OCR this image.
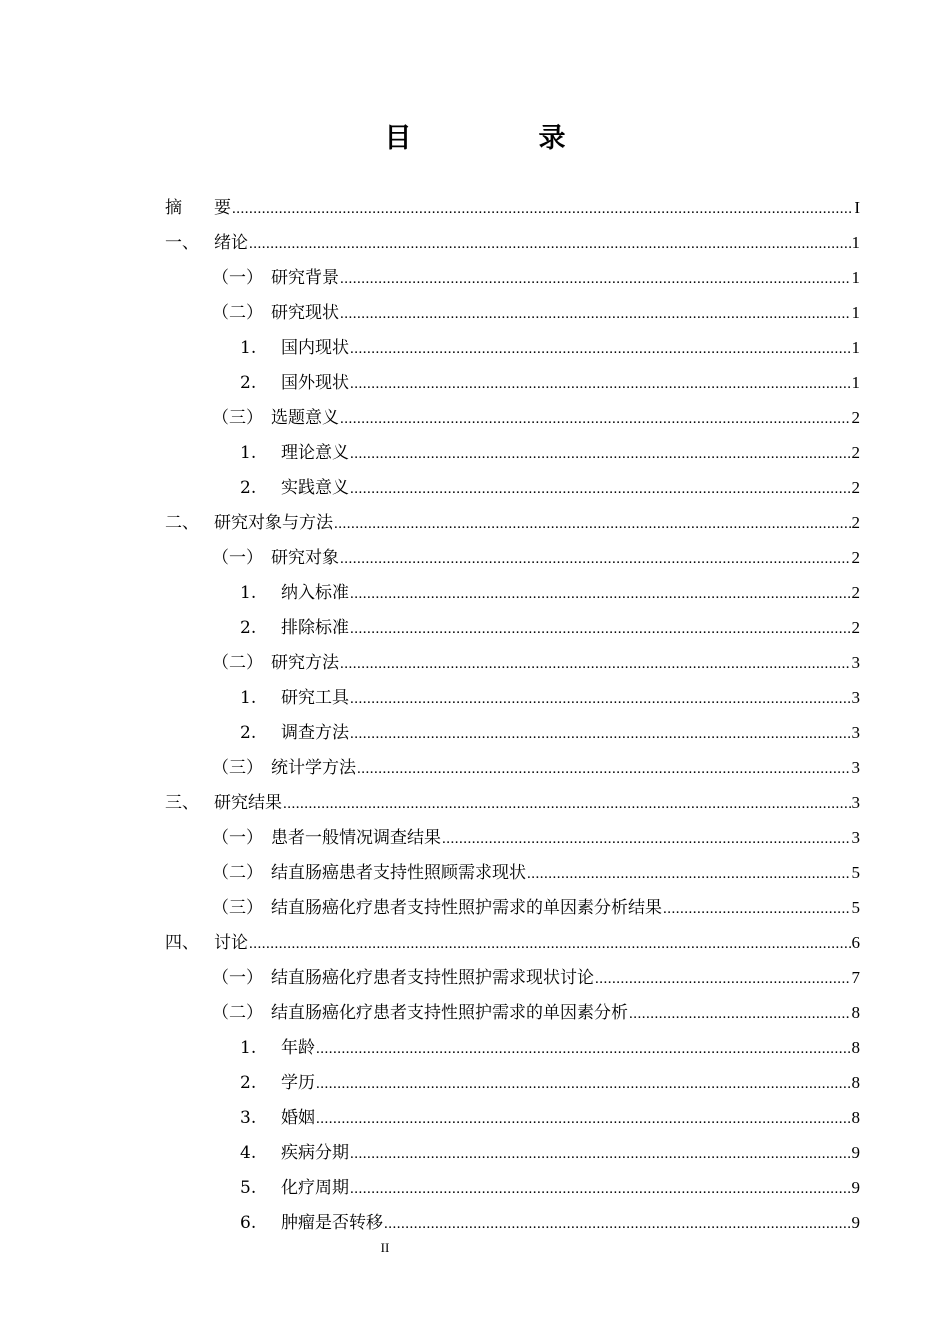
目　录
摘	要 .....	I
一、 绪论 .....	1
（一） 研究背景 .....	1
（二） 研究现状 .....	1
1.	国内现状 .....	1
2.	国外现状 .....	1
（三） 选题意义 .....	2
1.	理论意义 .....	2
2.	实践意义 .....	2
二、 研究对象与方法 .....	2
（一） 研究对象 .....	2
1.	纳入标准 .....	2
2.	排除标准 .....	2
（二） 研究方法 .....	3
1.	研究工具 .....	3
2.	调查方法 .....	3
（三） 统计学方法 .....	3
三、 研究结果 .....	3
（一） 患者一般情况调查结果 .....	3
（二） 结直肠癌患者支持性照顾需求现状 .....	5
（三） 结直肠癌化疗患者支持性照护需求的单因素分析结果 .....	5
四、 讨论 .....	6
（一） 结直肠癌化疗患者支持性照护需求现状讨论 .....	7
（二） 结直肠癌化疗患者支持性照护需求的单因素分析 .....	8
1.	年龄 .....	8
2.	学历 .....	8
3.	婚姻 .....	8
4.	疾病分期 .....	9
5.	化疗周期 .....	9
6.	肿瘤是否转移 .....	9
II
